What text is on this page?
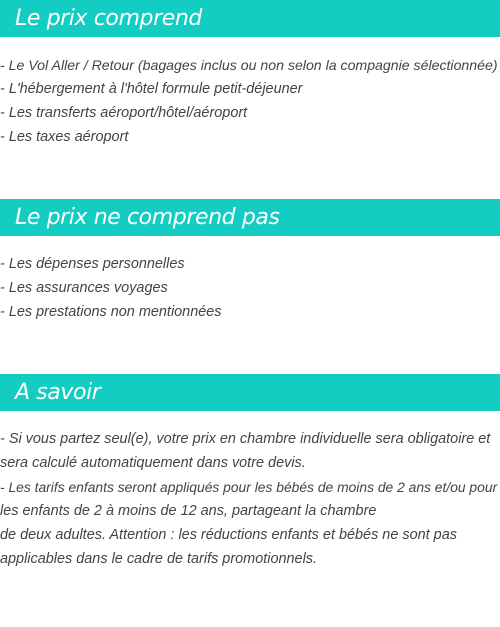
Le prix comprend
- Le Vol Aller / Retour (bagages inclus ou non selon la compagnie sélectionnée)
- L'hébergement à l'hôtel formule petit-déjeuner
- Les transferts aéroport/hôtel/aéroport
- Les taxes aéroport
Le prix ne comprend pas
- Les dépenses personnelles
- Les assurances voyages
- Les prestations non mentionnées
A savoir
- Si vous partez seul(e), votre prix en chambre individuelle sera obligatoire et
sera calculé automatiquement dans votre devis.
- Les tarifs enfants seront appliqués pour les bébés de moins de 2 ans et/ou pour
les enfants de 2 à moins de 12 ans, partageant la chambre
de deux adultes. Attention : les réductions enfants et bébés ne sont pas
applicables dans le cadre de tarifs promotionnels.
